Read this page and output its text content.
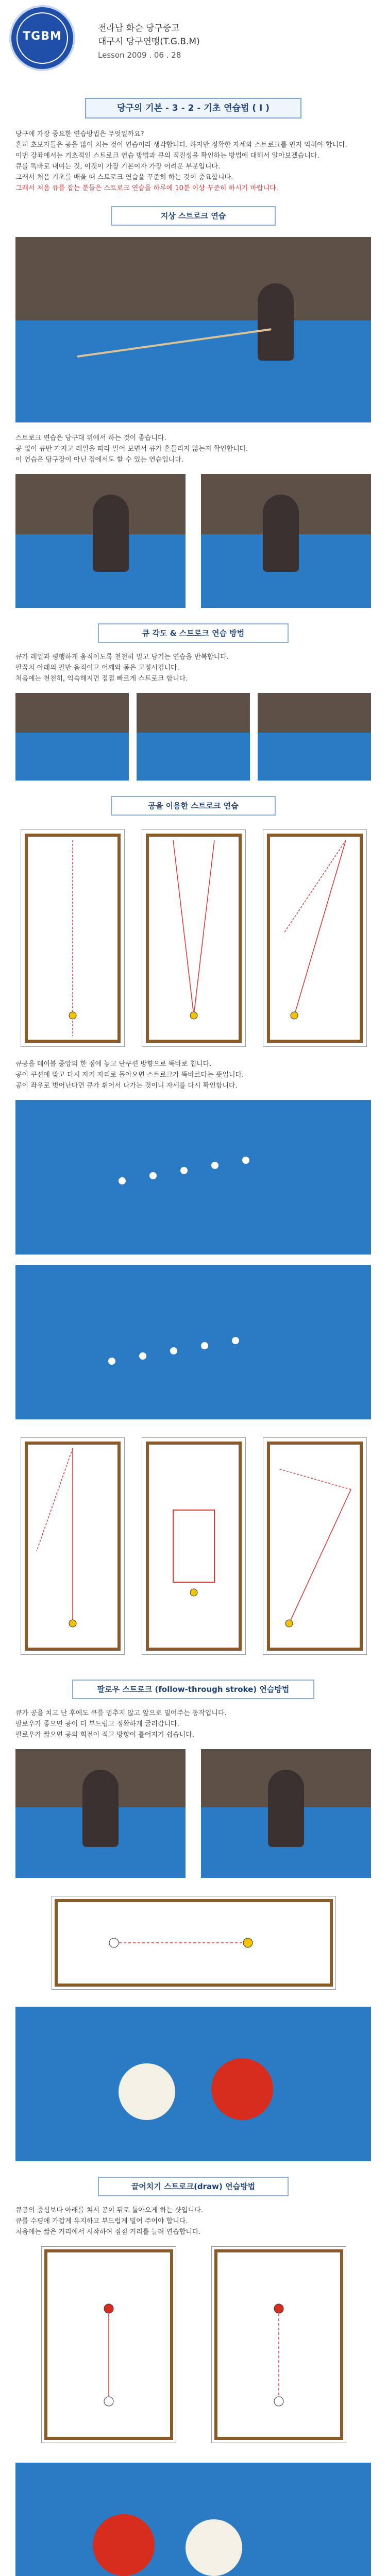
TGBM
전라남 화순 당구중고
대구시 당구연맹(T.G.B.M)
Lesson 2009 . 06 . 28
당구의 기본 - 3 - 2 - 기초 연습법 ( I )
당구에 가장 중요한 연습방법은 무엇일까요?
흔히 초보자들은 공을 많이 치는 것이 연습이라 생각합니다. 하지만 정확한 자세와 스트로크를 먼저 익혀야 합니다.
이번 강좌에서는 기초적인 스트로크 연습 방법과 큐의 직진성을 확인하는 방법에 대해서 알아보겠습니다.
큐를 똑바로 내미는 것, 이것이 가장 기본이자 가장 어려운 부분입니다.
그래서 처음 기초를 배울 때 스트로크 연습을 꾸준히 하는 것이 중요합니다.
그래서 처음 큐를 잡는 분들은 스트로크 연습을 하루에 10분 이상 꾸준히 하시기 바랍니다.
지상 스트로크 연습
스트로크 연습은 당구대 위에서 하는 것이 좋습니다.
공 없이 큐만 가지고 레일을 따라 밀어 보면서 큐가 흔들리지 않는지 확인합니다.
이 연습은 당구장이 아닌 집에서도 할 수 있는 연습입니다.
큐 각도 & 스트로크 연습 방법
큐가 레일과 평행하게 움직이도록 천천히 밀고 당기는 연습을 반복합니다.
팔꿈치 아래의 팔만 움직이고 어깨와 몸은 고정시킵니다.
처음에는 천천히, 익숙해지면 점점 빠르게 스트로크 합니다.
공을 이용한 스트로크 연습
큐공을 테이블 중앙의 한 점에 놓고 단쿠션 방향으로 똑바로 칩니다.
공이 쿠션에 맞고 다시 자기 자리로 돌아오면 스트로크가 똑바르다는 뜻입니다.
공이 좌우로 벗어난다면 큐가 휘어서 나가는 것이니 자세를 다시 확인합니다.
팔로우 스트로크 (follow-through stroke) 연습방법
큐가 공을 치고 난 후에도 큐를 멈추지 않고 앞으로 밀어주는 동작입니다.
팔로우가 좋으면 공이 더 부드럽고 정확하게 굴러갑니다.
팔로우가 짧으면 공의 회전이 적고 방향이 틀어지기 쉽습니다.
끌어치기 스트로크(draw) 연습방법
큐공의 중심보다 아래를 쳐서 공이 뒤로 돌아오게 하는 샷입니다.
큐를 수평에 가깝게 유지하고 부드럽게 밀어 주어야 합니다.
처음에는 짧은 거리에서 시작하여 점점 거리를 늘려 연습합니다.
